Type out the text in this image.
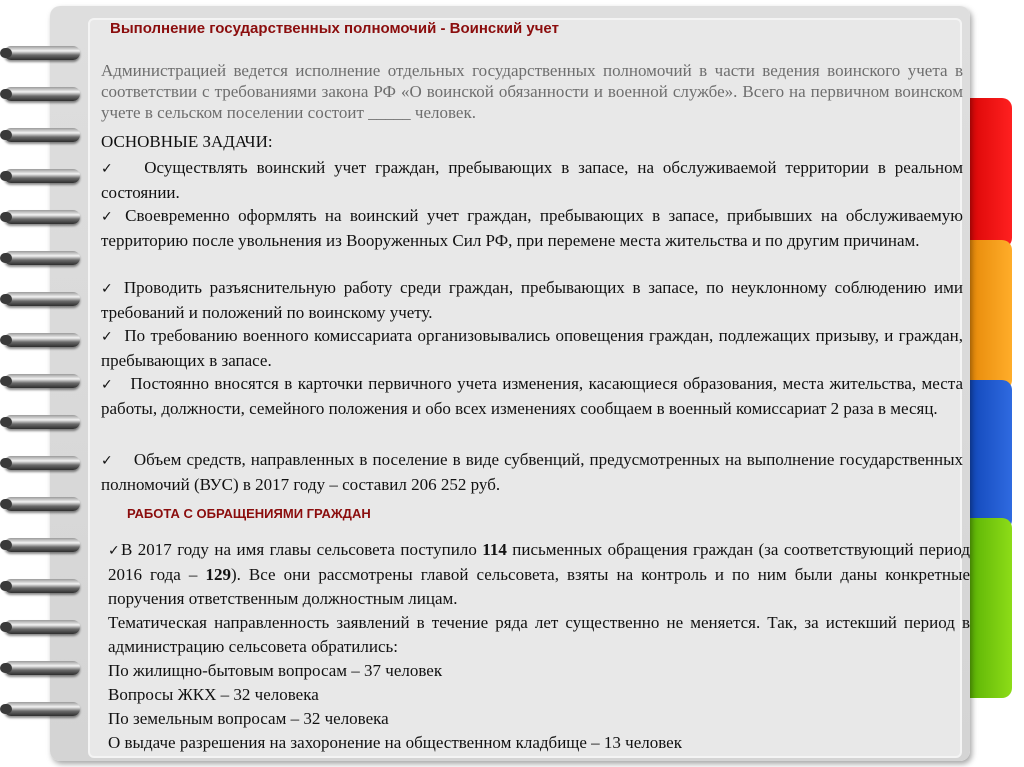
Выполнение государственных полномочий - Воинский учет

Администрацией ведется исполнение отдельных государственных полномочий в части ведения воинского учета в соответствии с требованиями закона РФ «О воинской обязанности и военной службе». Всего на первичном воинском учете в сельском поселении состоит _____ человек.

ОСНОВНЫЕ ЗАДАЧИ:

✓ Осуществлять воинский учет граждан, пребывающих в запасе, на обслуживаемой территории в реальном состоянии.

✓ Своевременно оформлять на воинский учет граждан, пребывающих в запасе, прибывших на обслуживаемую территорию после увольнения из Вооруженных Сил РФ, при перемене места жительства и по другим причинам.

✓ Проводить разъяснительную работу среди граждан, пребывающих в запасе, по неуклонному соблюдению ими требований и положений по воинскому учету.

✓ По требованию военного комиссариата организовывались оповещения граждан, подлежащих призыву, и граждан, пребывающих в запасе.

✓ Постоянно вносятся в карточки первичного учета изменения, касающиеся образования, места жительства, места работы, должности, семейного положения и обо всех изменениях сообщаем в военный комиссариат 2 раза в месяц.

✓ Объем средств, направленных в поселение в виде субвенций, предусмотренных на выполнение государственных полномочий (ВУС) в 2017 году – составил 206 252 руб.

РАБОТА С ОБРАЩЕНИЯМИ ГРАЖДАН

✓В 2017 году на имя главы сельсовета поступило 114 письменных обращения граждан (за соответствующий период 2016 года – 129). Все они рассмотрены главой сельсовета, взяты на контроль и по ним были даны конкретные поручения ответственным должностным лицам.
Тематическая направленность заявлений в течение ряда лет существенно не меняется. Так, за истекший период в администрацию сельсовета обратились:
По жилищно-бытовым вопросам – 37 человек
Вопросы ЖКХ – 32 человека
По земельным вопросам – 32 человека
О выдаче разрешения на захоронение на общественном кладбище – 13 человек
